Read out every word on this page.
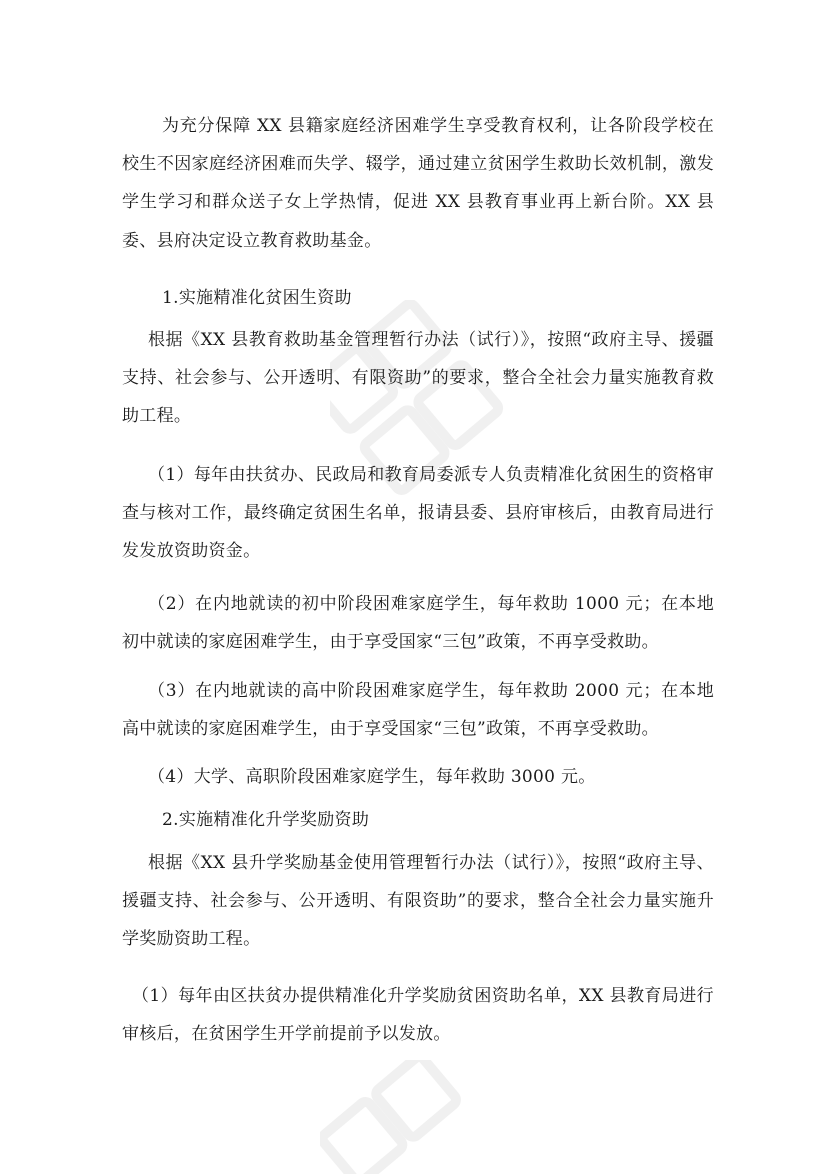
为充分保障 XX 县籍家庭经济困难学生享受教育权利，让各阶段学校在校生不因家庭经济困难而失学、辍学，通过建立贫困学生救助长效机制，激发学生学习和群众送子女上学热情，促进 XX 县教育事业再上新台阶。XX 县委、县府决定设立教育救助基金。

1.实施精准化贫困生资助

根据《XX 县教育救助基金管理暂行办法（试行）》，按照“政府主导、援疆支持、社会参与、公开透明、有限资助”的要求，整合全社会力量实施教育救助工程。

（1）每年由扶贫办、民政局和教育局委派专人负责精准化贫困生的资格审查与核对工作，最终确定贫困生名单，报请县委、县府审核后，由教育局进行发发放资助资金。

（2）在内地就读的初中阶段困难家庭学生，每年救助 1000 元；在本地初中就读的家庭困难学生，由于享受国家“三包”政策，不再享受救助。

（3）在内地就读的高中阶段困难家庭学生，每年救助 2000 元；在本地高中就读的家庭困难学生，由于享受国家“三包”政策，不再享受救助。

（4）大学、高职阶段困难家庭学生，每年救助 3000 元。

2.实施精准化升学奖励资助

根据《XX 县升学奖励基金使用管理暂行办法（试行）》，按照“政府主导、援疆支持、社会参与、公开透明、有限资助”的要求，整合全社会力量实施升学奖励资助工程。

（1）每年由区扶贫办提供精准化升学奖励贫困资助名单，XX 县教育局进行审核后，在贫困学生开学前提前予以发放。
